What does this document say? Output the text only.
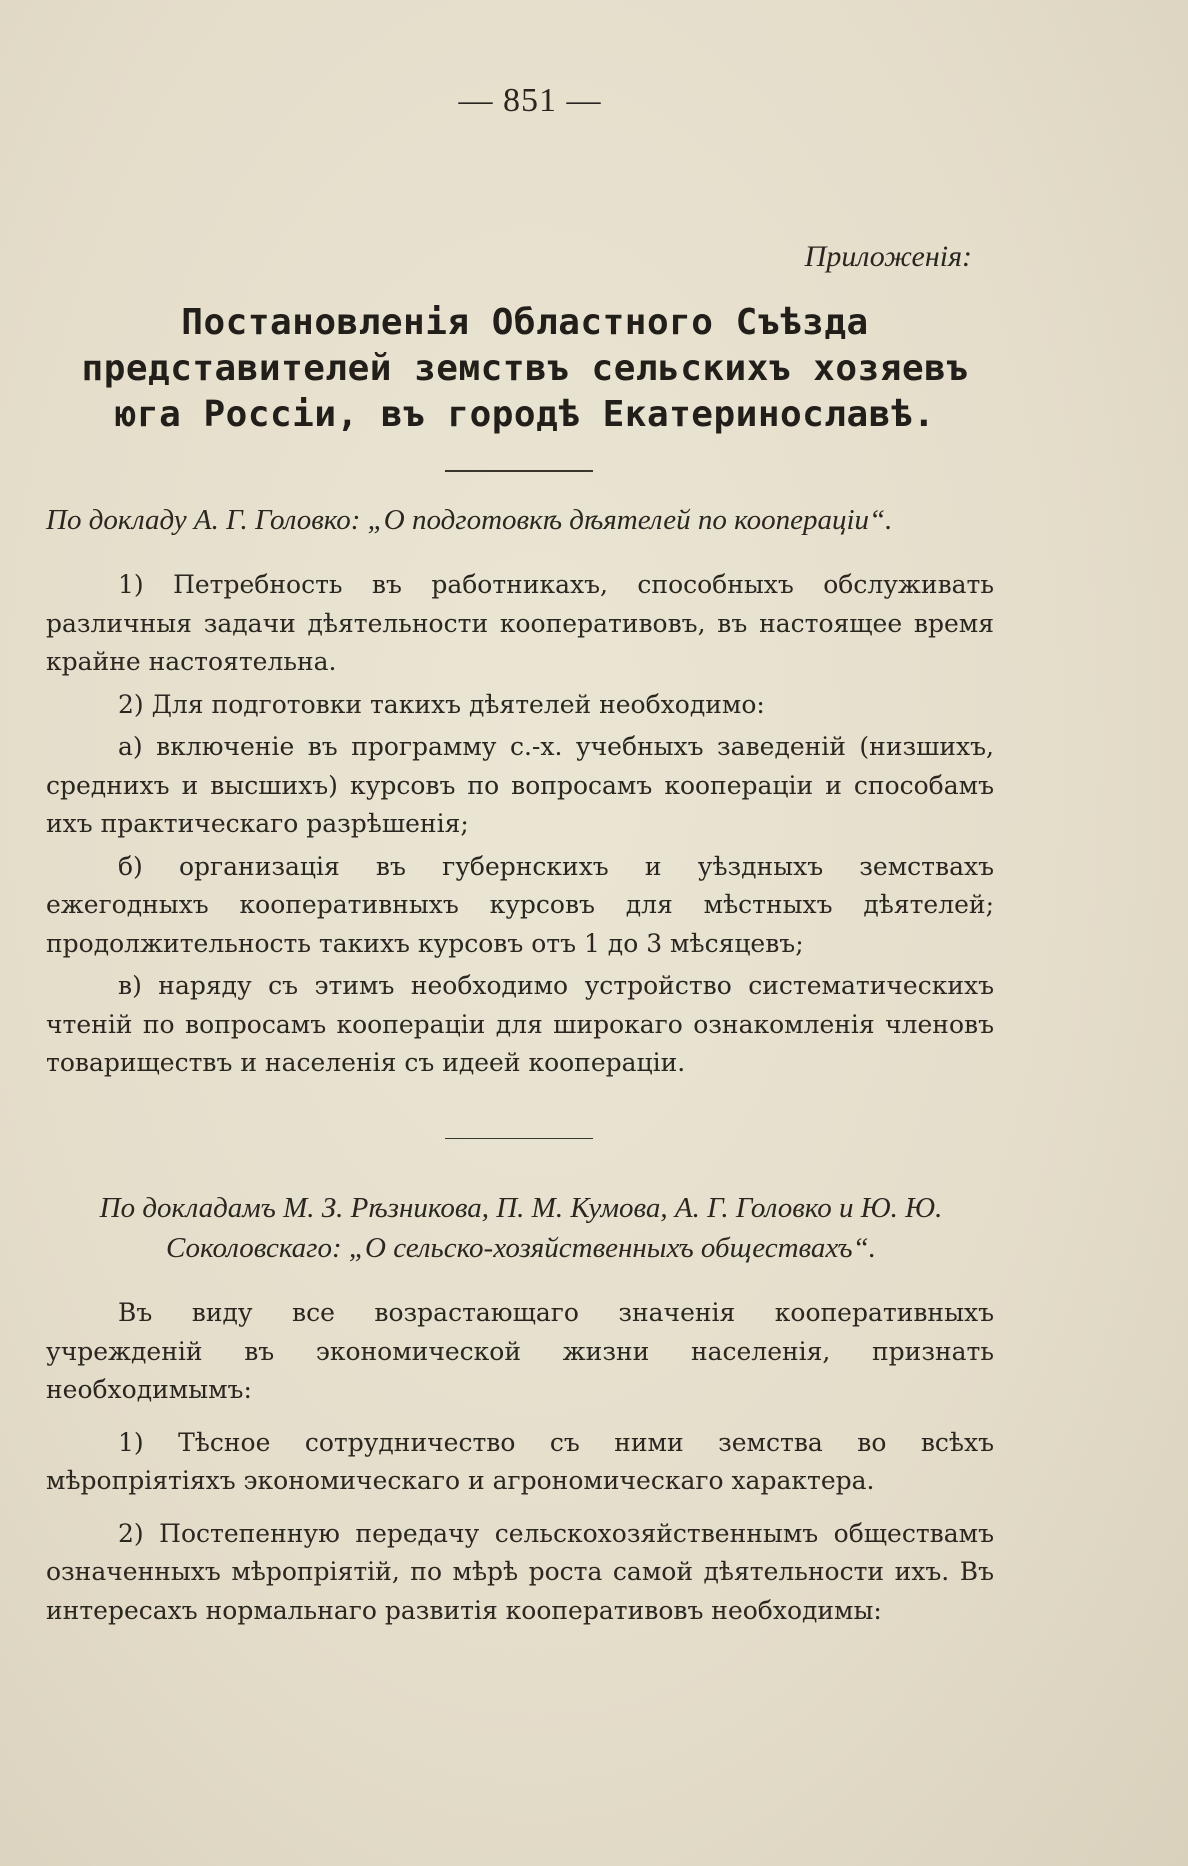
— 851 —
Приложенія:
Постановленія Областного Съѣзда представителей земствъ сельскихъ хозяевъ юга Россіи, въ городѣ Екатеринославѣ.
По докладу А. Г. Головко: „О подготовкѣ дѣятелей по коопераціи“.

1) Петребность въ работникахъ, способныхъ обслуживать различныя задачи дѣятельности кооперативовъ, въ настоящее время крайне настоятельна.

2) Для подготовки такихъ дѣятелей необходимо:

а) включеніе въ программу с.-х. учебныхъ заведеній (низшихъ, среднихъ и высшихъ) курсовъ по вопросамъ коопераціи и способамъ ихъ практическаго разрѣшенія;

б) организація въ губернскихъ и уѣздныхъ земствахъ ежегодныхъ кооперативныхъ курсовъ для мѣстныхъ дѣятелей; продолжительность такихъ курсовъ отъ 1 до 3 мѣсяцевъ;

в) наряду съ этимъ необходимо устройство систематическихъ чтеній по вопросамъ коопераціи для широкаго ознакомленія членовъ товариществъ и населенія съ идеей коопераціи.

По докладамъ М. З. Рѣзникова, П. М. Кумова, А. Г. Головко и Ю. Ю. Соколовскаго: „О сельско-хозяйственныхъ обществахъ“.

Въ виду все возрастающаго значенія кооперативныхъ учрежденій въ экономической жизни населенія, признать необходимымъ:

1) Тѣсное сотрудничество съ ними земства во всѣхъ мѣропріятіяхъ экономическаго и агрономическаго характера.

2) Постепенную передачу сельскохозяйственнымъ обществамъ означенныхъ мѣропріятій, по мѣрѣ роста самой дѣятельности ихъ. Въ интересахъ нормальнаго развитія кооперативовъ необходимы:
